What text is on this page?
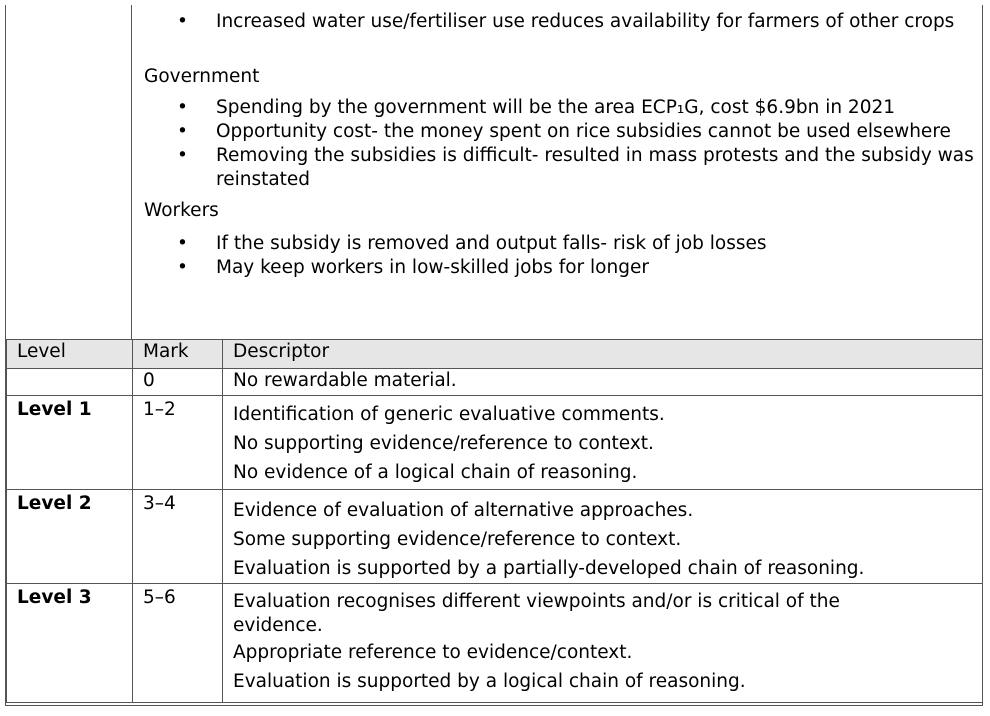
• Increased water use/fertiliser use reduces availability for farmers of other crops
Government
• Spending by the government will be the area ECP₁G, cost $6.9bn in 2021
• Opportunity cost- the money spent on rice subsidies cannot be used elsewhere
• Removing the subsidies is difficult- resulted in mass protests and the subsidy was reinstated
Workers
• If the subsidy is removed and output falls- risk of job losses
• May keep workers in low-skilled jobs for longer
Level	Mark	Descriptor
	0	No rewardable material.

Level 1	1–2	Identification of generic evaluative comments.
No supporting evidence/reference to context.
No evidence of a logical chain of reasoning.

Level 2	3–4	Evidence of evaluation of alternative approaches.
Some supporting evidence/reference to context.
Evaluation is supported by a partially-developed chain of reasoning.

Level 3	5–6	Evaluation recognises different viewpoints and/or is critical of the evidence.
Appropriate reference to evidence/context.
Evaluation is supported by a logical chain of reasoning.
